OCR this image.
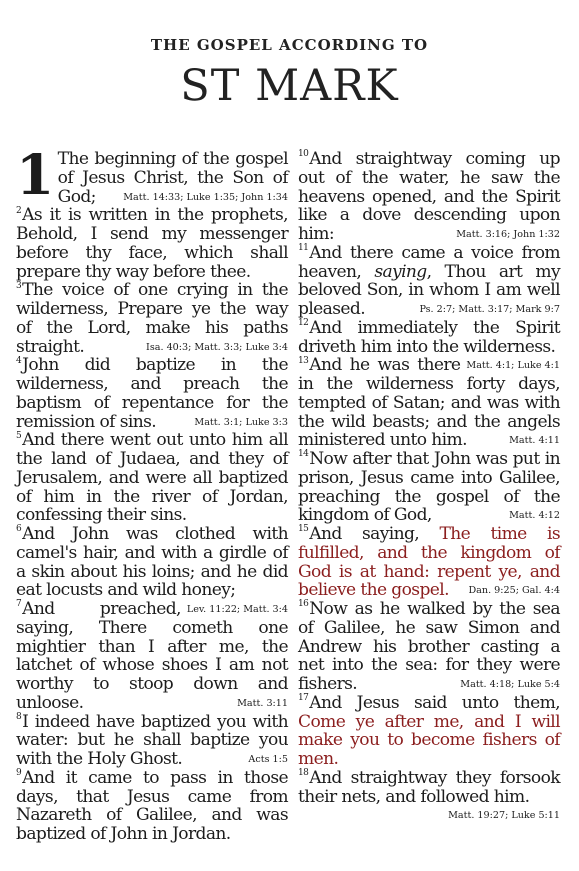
THE GOSPEL ACCORDING TO
ST MARK
1 The beginning of the gospel of Jesus Christ, the Son of God;	Matt. 14:33; Luke 1:35; John 1:34
$^2$As it is written in the prophets, Behold, I send my messenger before thy face, which shall prepare thy way before thee.
$^3$The voice of one crying in the wilderness, Prepare ye the way of the Lord, make his paths straight.	Isa. 40:3; Matt. 3:3; Luke 3:4
$^4$John did baptize in the wilderness, and preach the baptism of repentance for the remission of sins.	Matt. 3:1; Luke 3:3
$^5$And there went out unto him all the land of Judaea, and they of Jerusalem, and were all baptized of him in the river of Jordan, confessing their sins.
$^6$And John was clothed with camel's hair, and with a girdle of a skin about his loins; and he did eat locusts and wild honey;
Lev. 11:22; Matt. 3:4
$^7$And preached, saying, There cometh one mightier than I after me, the latchet of whose shoes I am not worthy to stoop down and unloose.	Matt. 3:11
$^8$I indeed have baptized you with water: but he shall baptize you with the Holy Ghost.	Acts 1:5
$^9$And it came to pass in those days, that Jesus came from Nazareth of Galilee, and was baptized of John in Jordan.
$^{10}$And straightway coming up out of the water, he saw the heavens opened, and the Spirit like a dove descending upon him:	Matt. 3:16; John 1:32
$^{11}$And there came a voice from heaven, saying, Thou art my beloved Son, in whom I am well pleased.	Ps. 2:7; Matt. 3:17; Mark 9:7
$^{12}$And immediately the Spirit driveth him into the wilderness.
Matt. 4:1; Luke 4:1
$^{13}$And he was there in the wilderness forty days, tempted of Satan; and was with the wild beasts; and the angels ministered unto him.	Matt. 4:11
$^{14}$Now after that John was put in prison, Jesus came into Galilee, preaching the gospel of the kingdom of God,	Matt. 4:12
$^{15}$And saying, The time is fulfilled, and the kingdom of God is at hand: repent ye, and believe the gospel. Dan. 9:25; Gal. 4:4
$^{16}$Now as he walked by the sea of Galilee, he saw Simon and Andrew his brother casting a net into the sea: for they were fishers.	Matt. 4:18; Luke 5:4
$^{17}$And Jesus said unto them, Come ye after me, and I will make you to become fishers of men.
$^{18}$And straightway they forsook their nets, and followed him.
Matt. 19:27; Luke 5:11
